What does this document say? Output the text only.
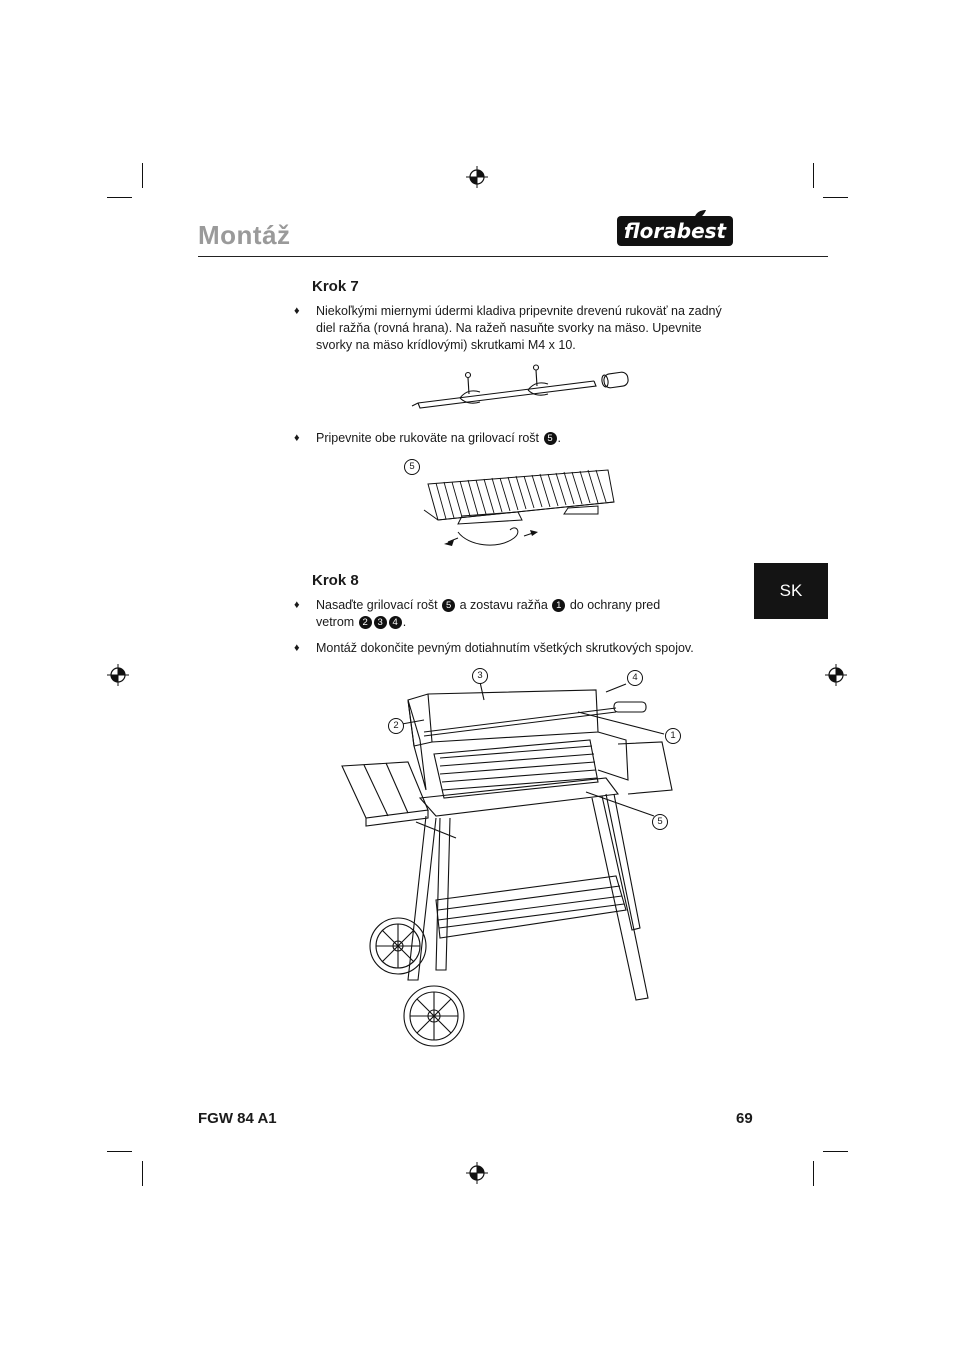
Montáž	florabest
SK
Krok 7
♦ Niekoľkými miernymi údermi kladiva pripevnite drevenú rukoväť na zadný diel ražňa (rovná hrana). Na ražeň nasuňte svorky na mäso. Upevnite svorky na mäso krídlovými) skrutkami M4 x 10.
♦ Pripevnite obe rukoväte na grilovací rošt 5 .
5
Krok 8
♦ Nasaďte grilovací rošt 5 a zostavu ražňa 1 do ochrany pred vetrom 2 3 4 .
♦ Montáž dokončite pevným dotiahnutím všetkých skrutkových spojov.
3	4
2
1
5
FGW 84 A1	69
